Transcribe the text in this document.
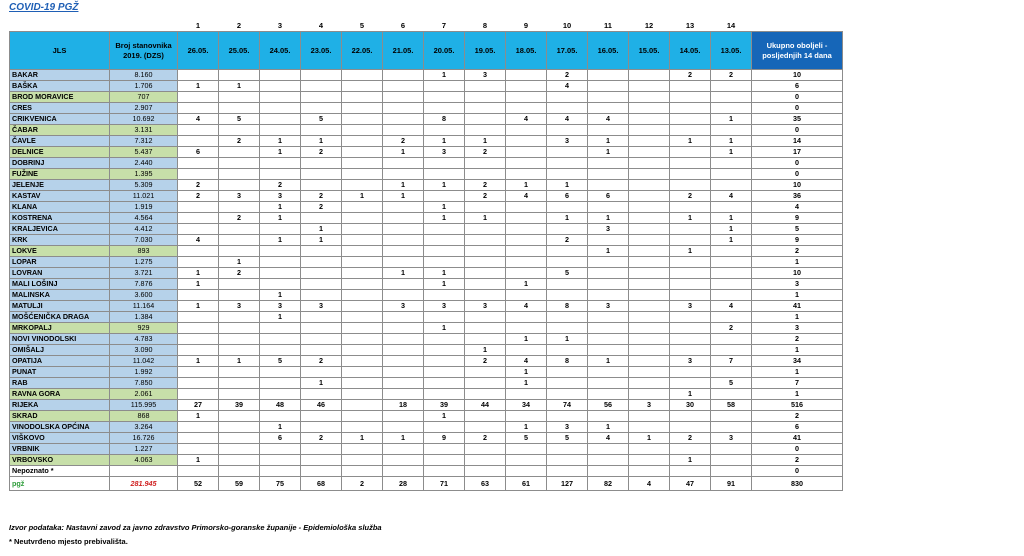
COVID-19 PGŽ
		1	2	3	4	5	6	7	8	9	10	11	12	13	14	
JLS	Broj stanovnika 2019. (DZS)	26.05.	25.05.	24.05.	23.05.	22.05.	21.05.	20.05.	19.05.	18.05.	17.05.	16.05.	15.05.	14.05.	13.05.	Ukupno oboljeli - posljednjih 14 dana
BAKAR	8.160							1	3		2			2	2	10
BAŠKA	1.706	1	1								4					6
BROD MORAVICE	707															0
CRES	2.907															0
CRIKVENICA	10.692	4	5		5			8		4	4	4			1	35
ČABAR	3.131															0
ČAVLE	7.312		2	1	1		2	1	1		3	1		1	1	14
DELNICE	5.437	6		1	2		1	3	2			1			1	17
DOBRINJ	2.440															0
FUŽINE	1.395															0
JELENJE	5.309	2		2			1	1	2	1	1					10
KASTAV	11.021	2	3	3	2	1	1		2	4	6	6		2	4	36
KLANA	1.919			1	2			1								4
KOSTRENA	4.564		2	1				1	1		1	1		1	1	9
KRALJEVICA	4.412				1							3			1	5
KRK	7.030	4		1	1						2				1	9
LOKVE	893											1		1		2
LOPAR	1.275		1													1
LOVRAN	3.721	1	2				1	1			5					10
MALI LOŠINJ	7.876	1						1		1						3
MALINSKA	3.600			1												1
MATULJI	11.164	1	3	3	3		3	3	3	4	8	3		3	4	41
MOŠĆENIČKA DRAGA	1.384			1												1
MRKOPALJ	929							1							2	3
NOVI VINODOLSKI	4.783									1	1					2
OMIŠALJ	3.090								1							1
OPATIJA	11.042	1	1	5	2				2	4	8	1		3	7	34
PUNAT	1.992									1						1
RAB	7.850				1					1					5	7
RAVNA GORA	2.061													1		1
RIJEKA	115.995	27	39	48	46		18	39	44	34	74	56	3	30	58	516
SKRAD	868	1						1								2
VINODOLSKA OPĆINA	3.264			1						1	3	1				6
VIŠKOVO	16.726			6	2	1	1	9	2	5	5	4	1	2	3	41
VRBNIK	1.227															0
VRBOVSKO	4.063	1												1		2
Nepoznato *																0
pgž	281.945	52	59	75	68	2	28	71	63	61	127	82	4	47	91	830
Izvor podataka: Nastavni zavod za javno zdravstvo Primorsko-goranske županije - Epidemiološka služba
* Neutvrđeno mjesto prebivališta.
